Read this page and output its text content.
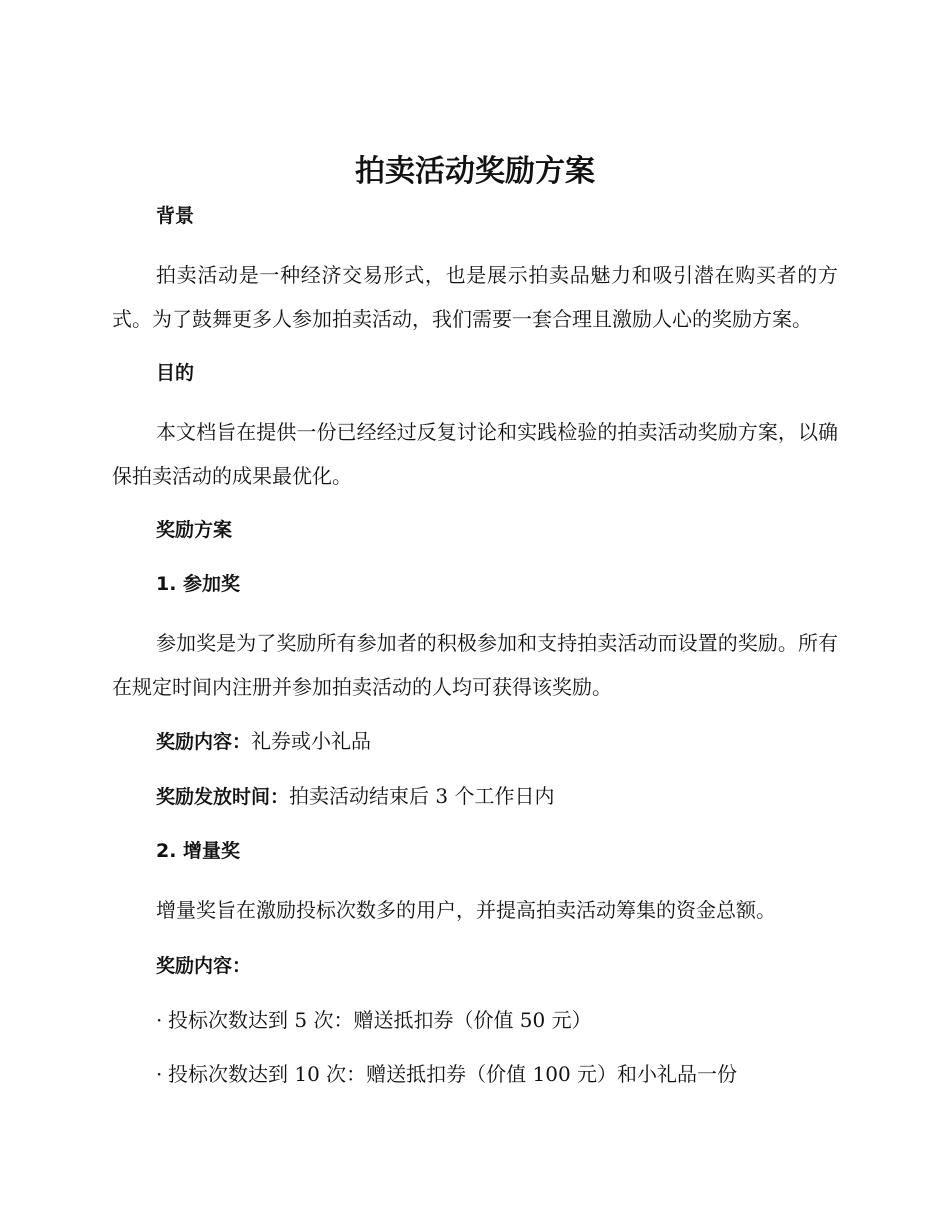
拍卖活动奖励方案

背景

拍卖活动是一种经济交易形式，也是展示拍卖品魅力和吸引潜在购买者的方式。为了鼓舞更多人参加拍卖活动，我们需要一套合理且激励人心的奖励方案。

目的

本文档旨在提供一份已经经过反复讨论和实践检验的拍卖活动奖励方案，以确保拍卖活动的成果最优化。

奖励方案

1. 参加奖

参加奖是为了奖励所有参加者的积极参加和支持拍卖活动而设置的奖励。所有在规定时间内注册并参加拍卖活动的人均可获得该奖励。

奖励内容：礼券或小礼品

奖励发放时间：拍卖活动结束后 3 个工作日内

2. 增量奖

增量奖旨在激励投标次数多的用户，并提高拍卖活动筹集的资金总额。

奖励内容：

· 投标次数达到 5 次：赠送抵扣券（价值 50 元）

· 投标次数达到 10 次：赠送抵扣券（价值 100 元）和小礼品一份
